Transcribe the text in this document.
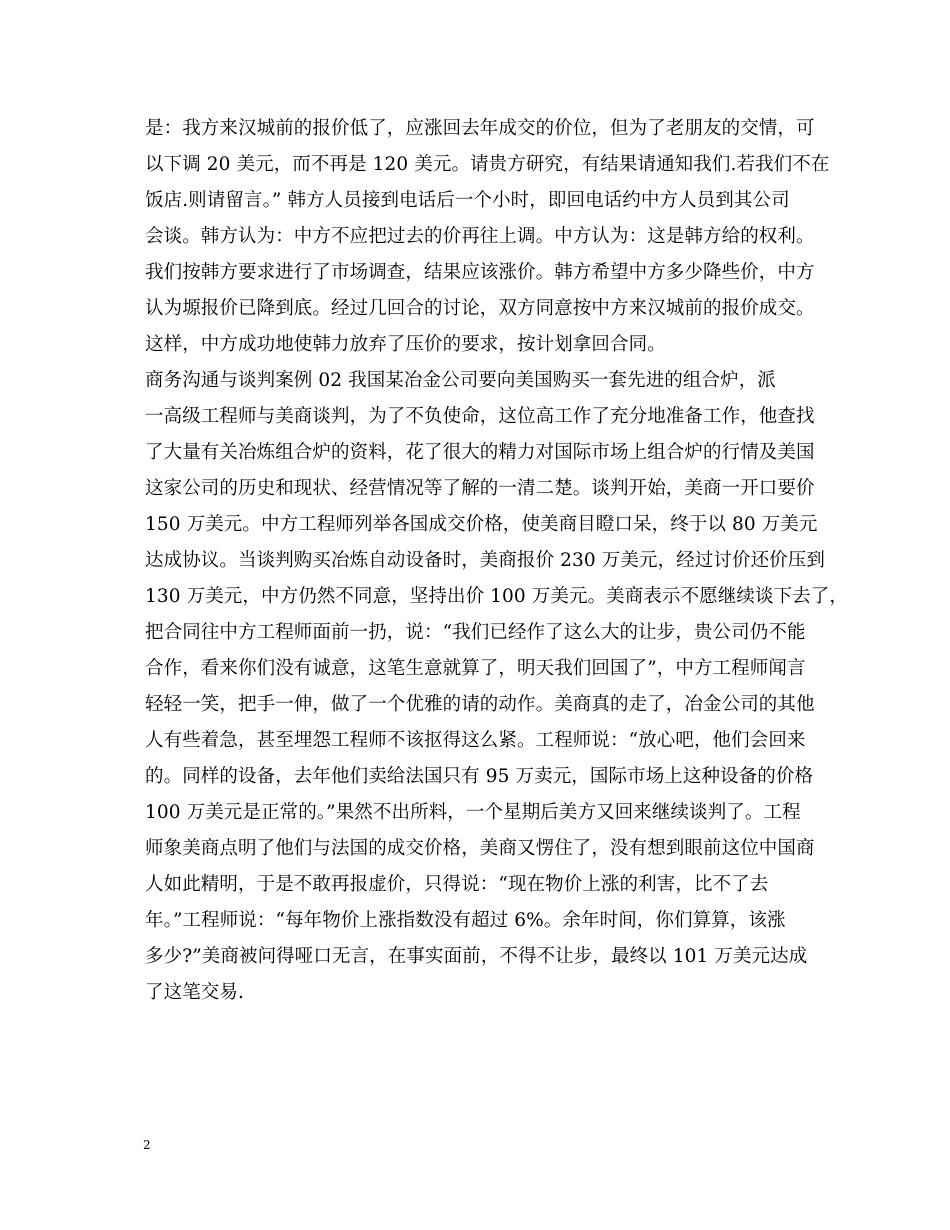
是：我方来汉城前的报价低了，应涨回去年成交的价位，但为了老朋友的交情，可
以下调 20 美元，而不再是 120 美元。请贵方研究，有结果请通知我们.若我们不在
饭店.则请留言。” 韩方人员接到电话后一个小时，即回电话约中方人员到其公司
会谈。韩方认为：中方不应把过去的价再往上调。中方认为：这是韩方给的权利。
我们按韩方要求进行了市场调查，结果应该涨价。韩方希望中方多少降些价，中方
认为塬报价已降到底。经过几回合的讨论，双方同意按中方来汉城前的报价成交。
这样，中方成功地使韩力放弃了压价的要求，按计划拿回合同。
商务沟通与谈判案例 02 我国某冶金公司要向美国购买一套先进的组合炉，派
一高级工程师与美商谈判，为了不负使命，这位高工作了充分地准备工作，他查找
了大量有关冶炼组合炉的资料，花了很大的精力对国际市场上组合炉的行情及美国
这家公司的历史和现状、经营情况等了解的一清二楚。谈判开始，美商一开口要价
150 万美元。中方工程师列举各国成交价格，使美商目瞪口呆，终于以 80 万美元
达成协议。当谈判购买冶炼自动设备时，美商报价 230 万美元，经过讨价还价压到
130 万美元，中方仍然不同意，坚持出价 100 万美元。美商表示不愿继续谈下去了，
把合同往中方工程师面前一扔，说：“我们已经作了这么大的让步，贵公司仍不能
合作，看来你们没有诚意，这笔生意就算了，明天我们回国了”，中方工程师闻言
轻轻一笑，把手一伸，做了一个优雅的请的动作。美商真的走了，冶金公司的其他
人有些着急，甚至埋怨工程师不该抠得这么紧。工程师说：“放心吧，他们会回来
的。同样的设备，去年他们卖给法国只有 95 万卖元，国际市场上这种设备的价格
100 万美元是正常的。”果然不出所料，一个星期后美方又回来继续谈判了。工程
师象美商点明了他们与法国的成交价格，美商又愣住了，没有想到眼前这位中国商
人如此精明，于是不敢再报虚价，只得说：“现在物价上涨的利害，比不了去
年。”工程师说：“每年物价上涨指数没有超过 6%。余年时间，你们算算，该涨
多少?”美商被问得哑口无言，在事实面前，不得不让步，最终以 101 万美元达成
了这笔交易.
2
